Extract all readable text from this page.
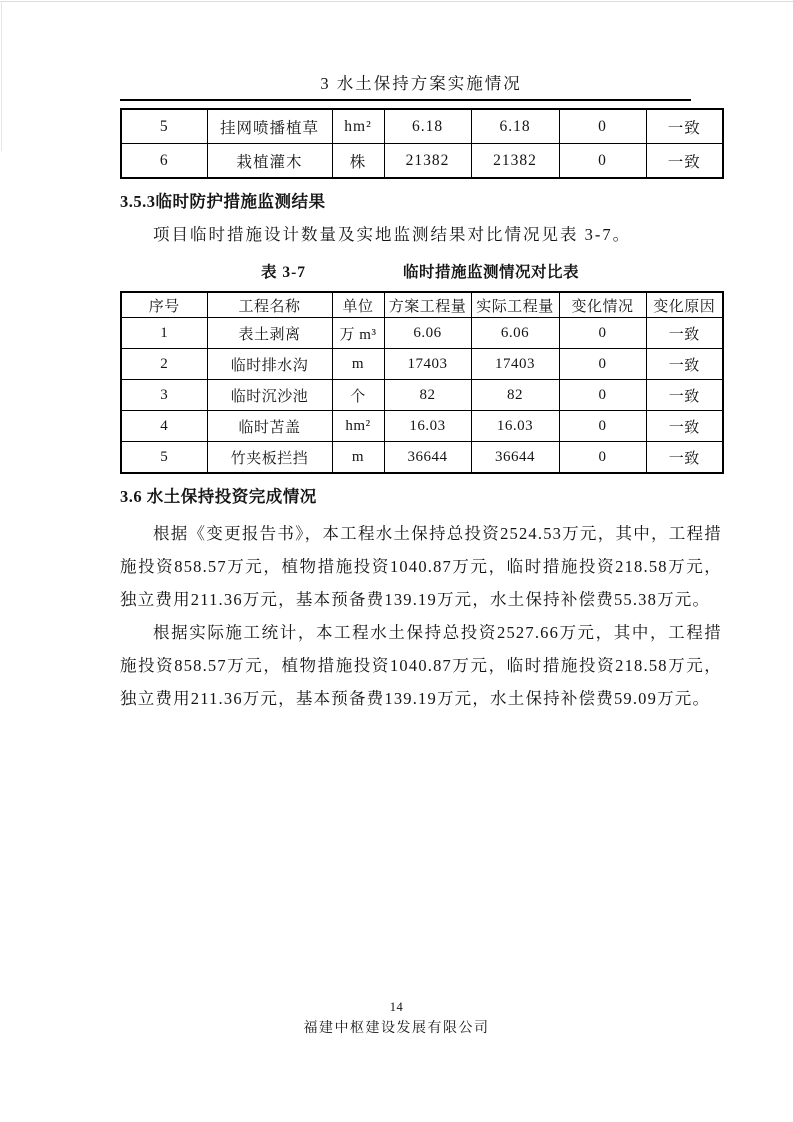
3 水土保持方案实施情况
5	挂网喷播植草	hm²	6.18	6.18	0	一致
6	栽植灌木	株	21382	21382	0	一致
3.5.3临时防护措施监测结果

项目临时措施设计数量及实地监测结果对比情况见表 3-7。

表 3-7	临时措施监测情况对比表
序号	工程名称	单位	方案工程量	实际工程量	变化情况	变化原因
1	表土剥离	万 m³	6.06	6.06	0	一致
2	临时排水沟	m	17403	17403	0	一致
3	临时沉沙池	个	82	82	0	一致
4	临时苫盖	hm²	16.03	16.03	0	一致
5	竹夹板拦挡	m	36644	36644	0	一致
3.6 水土保持投资完成情况

根据《变更报告书》，本工程水土保持总投资2524.53万元，其中，工程措施投资858.57万元，植物措施投资1040.87万元，临时措施投资218.58万元，独立费用211.36万元，基本预备费139.19万元，水土保持补偿费55.38万元。

根据实际施工统计，本工程水土保持总投资2527.66万元，其中，工程措施投资858.57万元，植物措施投资1040.87万元，临时措施投资218.58万元，独立费用211.36万元，基本预备费139.19万元，水土保持补偿费59.09万元。

14
福建中枢建设发展有限公司
